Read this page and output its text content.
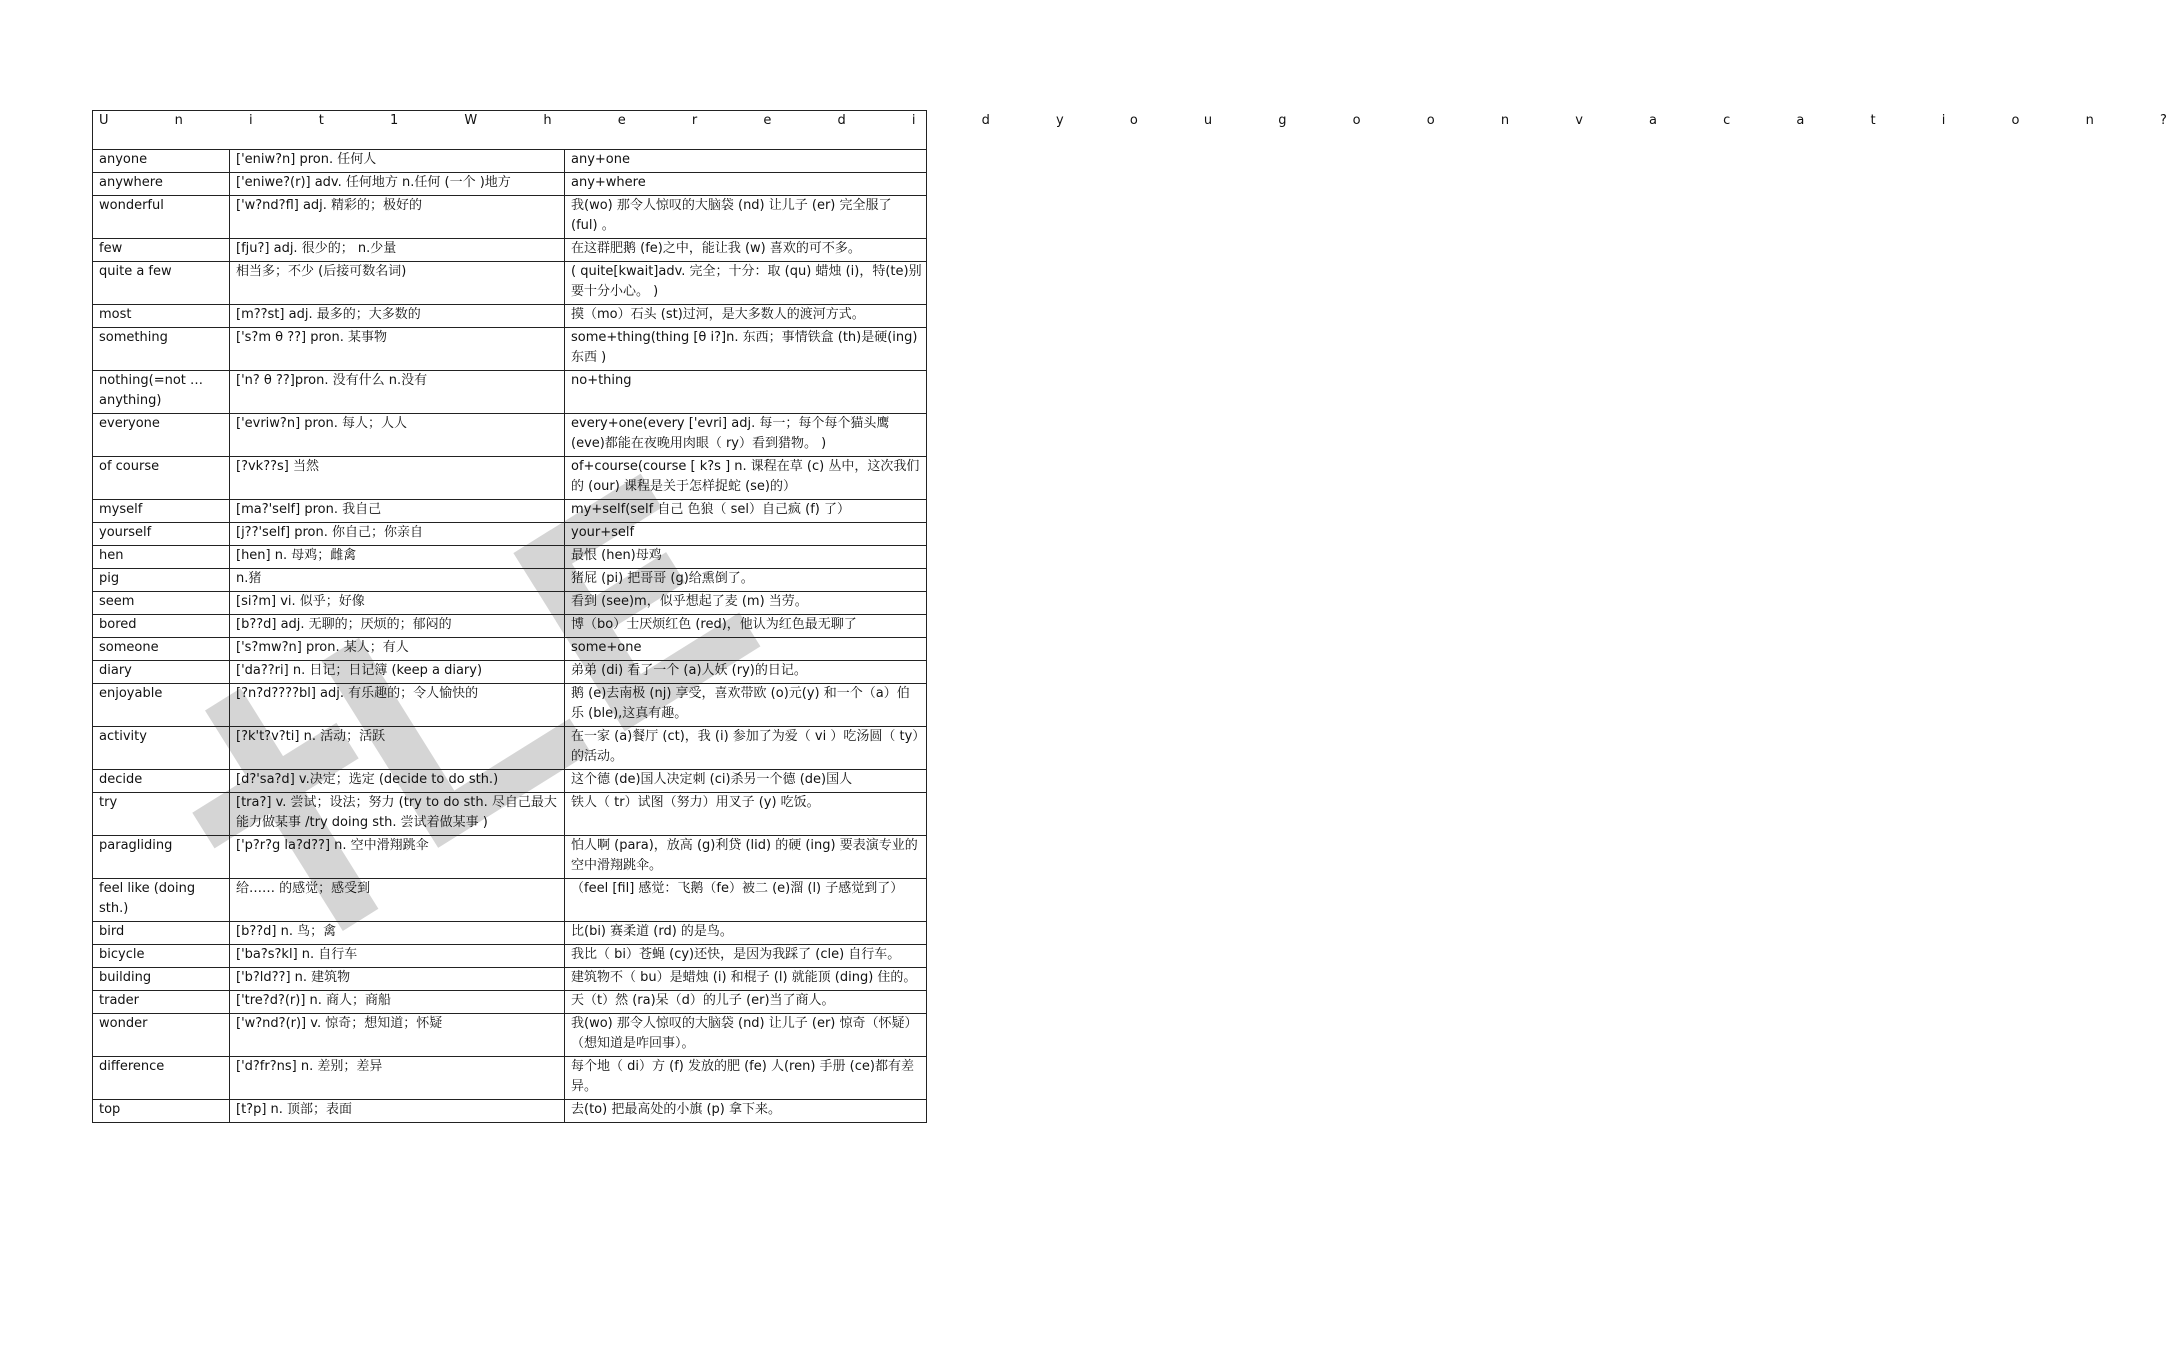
U n i t 1 W h e r e d i d y o u g o o n v a c a t i o n ?		

anyone	['eniw?n] pron. 任何人	any+one
anywhere	['eniwe?(r)] adv. 任何地方 n.任何 (一个 )地方	any+where
wonderful	['w?nd?fl] adj. 精彩的；极好的	我(wo) 那令人惊叹的大脑袋 (nd) 让儿子 (er) 完全服了 (ful) 。
few	[fju?] adj. 很少的； n.少量	在这群肥鹅 (fe)之中，能让我 (w) 喜欢的可不多。
quite a few	相当多；不少 (后接可数名词)	( quite[kwait]adv. 完全；十分：取 (qu) 蜡烛 (i)，特(te)别要十分小心。 )
most	[m??st] adj. 最多的；大多数的	摸（mo）石头 (st)过河，是大多数人的渡河方式。
something	['s?m θ ??] pron. 某事物	some+thing(thing [θ i?]n. 东西；事情铁盒 (th)是硬(ing) 东西 )
nothing(=not … anything)	['n? θ ??]pron. 没有什么 n.没有	no+thing
everyone	['evriw?n] pron. 每人；人人	every+one(every ['evri] adj. 每一；每个每个猫头鹰(eve)都能在夜晚用肉眼（ ry）看到猎物。 )
of course	[?vk??s] 当然	of+course(course [ k?s ] n. 课程在草 (c) 丛中，这次我们的 (our) 课程是关于怎样捉蛇 (se)的）
myself	[ma?'self] pron. 我自己	my+self(self 自己 色狼（ sel）自己疯 (f) 了）
yourself	[j??'self] pron. 你自己；你亲自	your+self
hen	[hen] n. 母鸡；雌禽	最恨 (hen)母鸡
pig	n.猪	猪屁 (pi) 把哥哥 (g)给熏倒了。
seem	[si?m] vi. 似乎；好像	看到 (see)m，似乎想起了麦 (m) 当劳。
bored	[b??d] adj. 无聊的；厌烦的；郁闷的	博（bo）士厌烦红色 (red)，他认为红色最无聊了
someone	['s?mw?n] pron. 某人；有人	some+one
diary	['da??ri] n. 日记；日记簿 (keep a diary)	弟弟 (di) 看了一个 (a)人妖 (ry)的日记。
enjoyable	[?n?d????bl] adj. 有乐趣的；令人愉快的	鹅 (e)去南极 (nj) 享受，喜欢带欧 (o)元(y) 和一个（a）伯乐 (ble),这真有趣。
activity	[?k't?v?ti] n. 活动；活跃	在一家 (a)餐厅 (ct)，我 (i) 参加了为爱（ vi ）吃汤圆（ ty）的活动。
decide	[d?'sa?d] v.决定；选定 (decide to do sth.)	这个德 (de)国人决定刺 (ci)杀另一个德 (de)国人
try	[tra?] v. 尝试；设法；努力 (try to do sth. 尽自己最大能力做某事 /try doing sth. 尝试着做某事 )	铁人（ tr）试图（努力）用叉子 (y) 吃饭。
paragliding	['p?r?g la?d??] n. 空中滑翔跳伞	怕人啊 (para)，放高 (g)利贷 (lid) 的硬 (ing) 要表演专业的空中滑翔跳伞。
feel like (doing sth.)	给…… 的感觉；感受到	（feel [fil] 感觉：飞鹅（fe）被二 (e)溜 (l) 子感觉到了）
bird	[b??d] n. 鸟；禽	比(bi) 赛柔道 (rd) 的是鸟。
bicycle	['ba?s?kl] n. 自行车	我比（ bi）苍蝇 (cy)还快，是因为我踩了 (cle) 自行车。
building	['b?ld??] n. 建筑物	建筑物不（ bu）是蜡烛 (i) 和棍子 (l) 就能顶 (ding) 住的。
trader	['tre?d?(r)] n. 商人；商船	天（t）然 (ra)呆（d）的儿子 (er)当了商人。
wonder	['w?nd?(r)] v. 惊奇；想知道；怀疑	我(wo) 那令人惊叹的大脑袋 (nd) 让儿子 (er) 惊奇（怀疑）（想知道是咋回事）。
difference	['d?fr?ns] n. 差别；差异	每个地（ di）方 (f) 发放的肥 (fe) 人(ren) 手册 (ce)都有差异。
top	[t?p] n. 顶部；表面	去(to) 把最高处的小旗 (p) 拿下来。
